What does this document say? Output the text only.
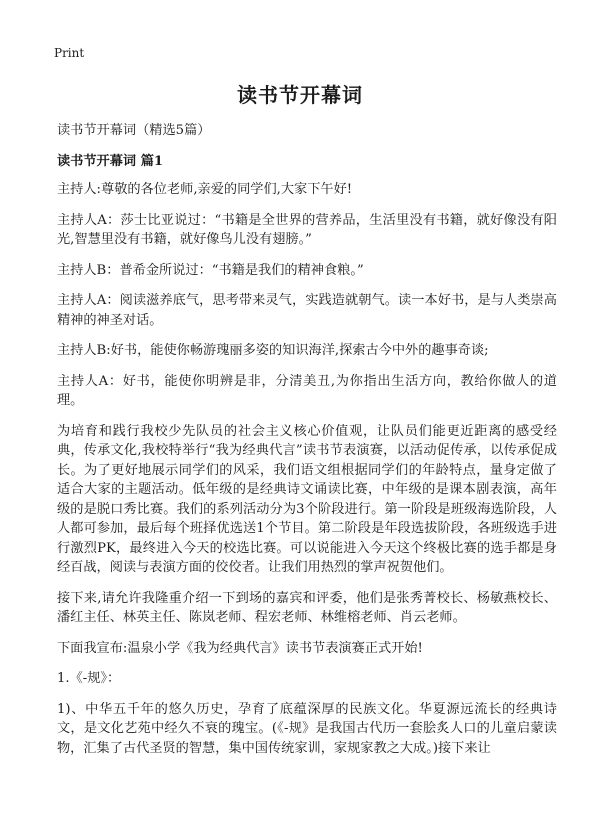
Print
读书节开幕词

读书节开幕词（精选5篇）

读书节开幕词 篇1

主持人:尊敬的各位老师,亲爱的同学们,大家下午好!

主持人A：莎士比亚说过：“书籍是全世界的营养品，生活里没有书籍，就好像没有阳光,智慧里没有书籍，就好像鸟儿没有翅膀。”

主持人B：普希金所说过：“书籍是我们的精神食粮。”

主持人A：阅读滋养底气，思考带来灵气，实践造就朝气。读一本好书，是与人类崇高精神的神圣对话。

主持人B:好书，能使你畅游瑰丽多姿的知识海洋,探索古今中外的趣事奇谈;

主持人A：好书，能使你明辨是非，分清美丑,为你指出生活方向，教给你做人的道理。

为培育和践行我校少先队员的社会主义核心价值观，让队员们能更近距离的感受经典，传承文化,我校特举行“我为经典代言”读书节表演赛，以活动促传承，以传承促成长。为了更好地展示同学们的风采，我们语文组根据同学们的年龄特点，量身定做了适合大家的主题活动。低年级的是经典诗文诵读比赛，中年级的是课本剧表演，高年级的是脱口秀比赛。我们的系列活动分为3个阶段进行。第一阶段是班级海选阶段，人人都可参加，最后每个班择优选送1个节目。第二阶段是年段选拔阶段，各班级选手进行激烈PK，最终进入今天的校选比赛。可以说能进入今天这个终极比赛的选手都是身经百战，阅读与表演方面的佼佼者。让我们用热烈的掌声祝贺他们。

接下来,请允许我隆重介绍一下到场的嘉宾和评委，他们是张秀菁校长、杨敏燕校长、潘红主任、林英主任、陈岚老师、程宏老师、林维榕老师、肖云老师。

下面我宣布:温泉小学《我为经典代言》读书节表演赛正式开始!

1.《-规》：

1)、中华五千年的悠久历史，孕育了底蕴深厚的民族文化。华夏源远流长的经典诗文，是文化艺苑中经久不衰的瑰宝。(《-规》是我国古代历一套脍炙人口的儿童启蒙读物，汇集了古代圣贤的智慧，集中国传统家训，家规家教之大成。)接下来让
